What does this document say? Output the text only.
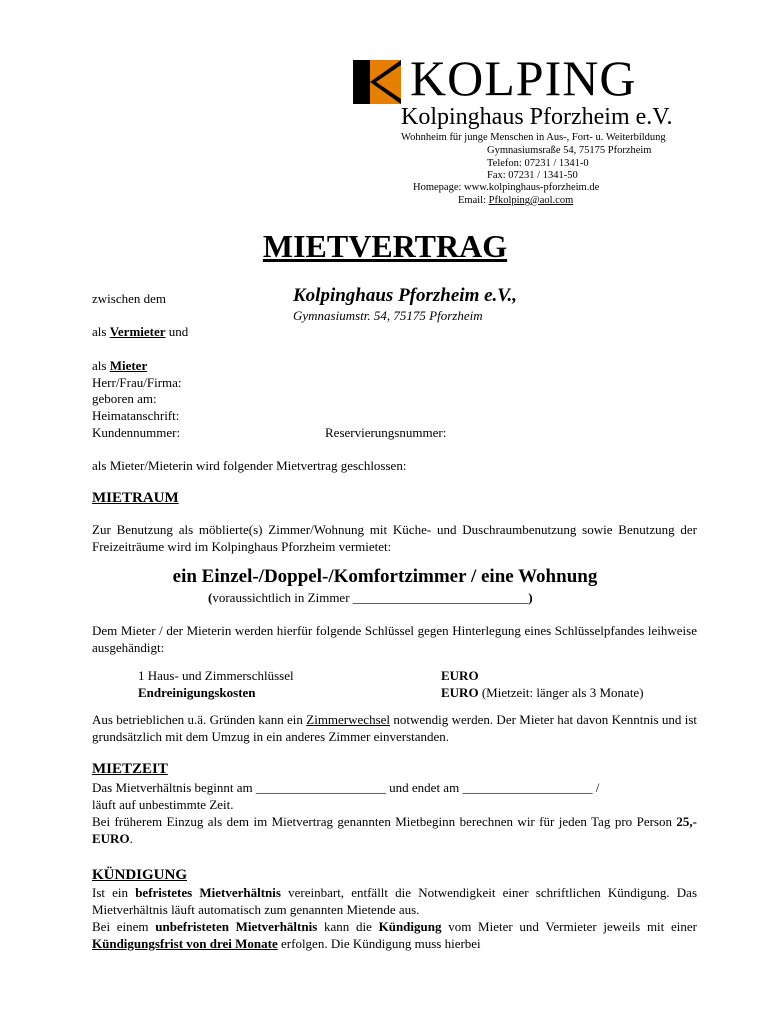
KOLPING
Kolpinghaus Pforzheim e.V.
Wohnheim für junge Menschen in Aus-, Fort- u. Weiterbildung
Gymnasiumsraße 54, 75175 Pforzheim
Telefon: 07231 / 1341-0
Fax: 07231 / 1341-50
Homepage: www.kolpinghaus-pforzheim.de
Email: Pfkolping@aol.com
MIETVERTRAG
zwischen dem	Kolpinghaus Pforzheim e.V.,
Gymnasiumstr. 54, 75175 Pforzheim
als Vermieter und
als Mieter
Herr/Frau/Firma:
geboren am:
Heimatanschrift:
Kundennummer:	Reservierungsnummer:
als Mieter/Mieterin wird folgender Mietvertrag geschlossen:
MIETRAUM
Zur Benutzung als möblierte(s) Zimmer/Wohnung mit Küche- und Duschraumbenutzung sowie Benutzung der Freizeiträume wird im Kolpinghaus Pforzheim vermietet:
ein Einzel-/Doppel-/Komfortzimmer / eine Wohnung
(voraussichtlich in Zimmer ___________________________)
Dem Mieter / der Mieterin werden hierfür folgende Schlüssel gegen Hinterlegung eines Schlüsselpfandes leihweise ausgehändigt:
1 Haus- und Zimmerschlüssel	EURO
Endreinigungskosten	EURO (Mietzeit: länger als 3 Monate)
Aus betrieblichen u.ä. Gründen kann ein Zimmerwechsel notwendig werden. Der Mieter hat davon Kenntnis und ist grundsätzlich mit dem Umzug in ein anderes Zimmer einverstanden.
MIETZEIT
Das Mietverhältnis beginnt am ____________________ und endet am ____________________ /
läuft auf unbestimmte Zeit.
Bei früherem Einzug als dem im Mietvertrag genannten Mietbeginn berechnen wir für jeden Tag pro Person 25,- EURO.
KÜNDIGUNG
Ist ein befristetes Mietverhältnis vereinbart, entfällt die Notwendigkeit einer schriftlichen Kündigung. Das Mietverhältnis läuft automatisch zum genannten Mietende aus.
Bei einem unbefristeten Mietverhältnis kann die Kündigung vom Mieter und Vermieter jeweils mit einer Kündigungsfrist von drei Monate erfolgen. Die Kündigung muss hierbei
